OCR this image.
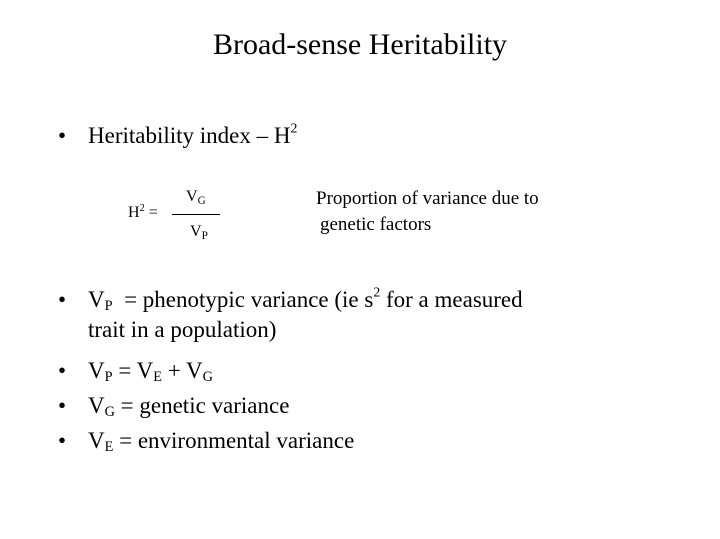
Broad-sense Heritability
• Heritability index – $H^2$
$H^2$ =
$V_G$
$V_P$
Proportion of variance due to
genetic factors
• $V_P$  = phenotypic variance (ie $s^2$ for a measured
trait in a population)
• $V_P = V_E + V_G$
• $V_G$ = genetic variance
• $V_E$ = environmental variance
